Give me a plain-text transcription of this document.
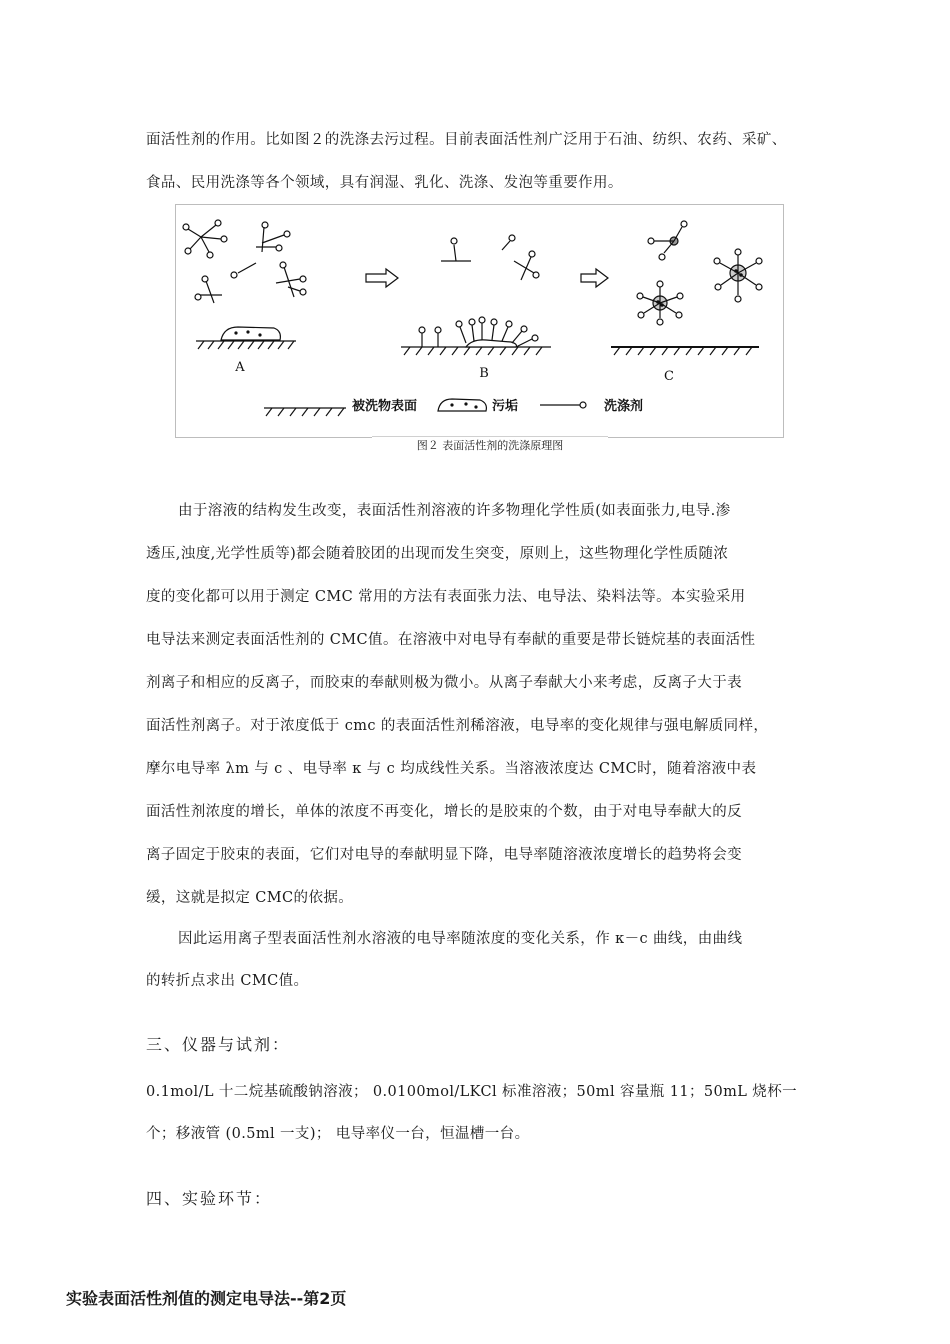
面活性剂的作用。比如图２的洗涤去污过程。目前表面活性剂广泛用于石油、纺织、农药、采矿、
食品、民用洗涤等各个领域，具有润湿、乳化、洗涤、发泡等重要作用。
A	B	C
被洗物表面	污垢	洗涤剂
图２ 表面活性剂的洗涤原理图
由于溶液的结构发生改变，表面活性剂溶液的许多物理化学性质(如表面张力,电导.渗
透压,浊度,光学性质等)都会随着胶团的出现而发生突变，原则上，这些物理化学性质随浓
度的变化都可以用于测定 CMC 常用的方法有表面张力法、电导法、染料法等。本实验采用
电导法来测定表面活性剂的 CMC值。在溶液中对电导有奉献的重要是带长链烷基的表面活性
剂离子和相应的反离子，而胶束的奉献则极为微小。从离子奉献大小来考虑，反离子大于表
面活性剂离子。对于浓度低于 cmc 的表面活性剂稀溶液，电导率的变化规律与强电解质同样，
摩尔电导率 λm 与 c 、电导率 κ 与 c 均成线性关系。当溶液浓度达 CMC时，随着溶液中表
面活性剂浓度的增长，单体的浓度不再变化，增长的是胶束的个数，由于对电导奉献大的反
离子固定于胶束的表面，它们对电导的奉献明显下降，电导率随溶液浓度增长的趋势将会变
缓，这就是拟定 CMC的依据。
因此运用离子型表面活性剂水溶液的电导率随浓度的变化关系，作 κ－c 曲线，由曲线
的转折点求出 CMC值。
三、仪器与试剂：
0.1mol/L 十二烷基硫酸钠溶液； 0.0100mol/LKCl 标准溶液；50ml 容量瓶 11；50mL 烧杯一
个；移液管 (0.5ml 一支)； 电导率仪一台，恒温槽一台。
四、实验环节：
实验表面活性剂值的测定电导法--第2页
